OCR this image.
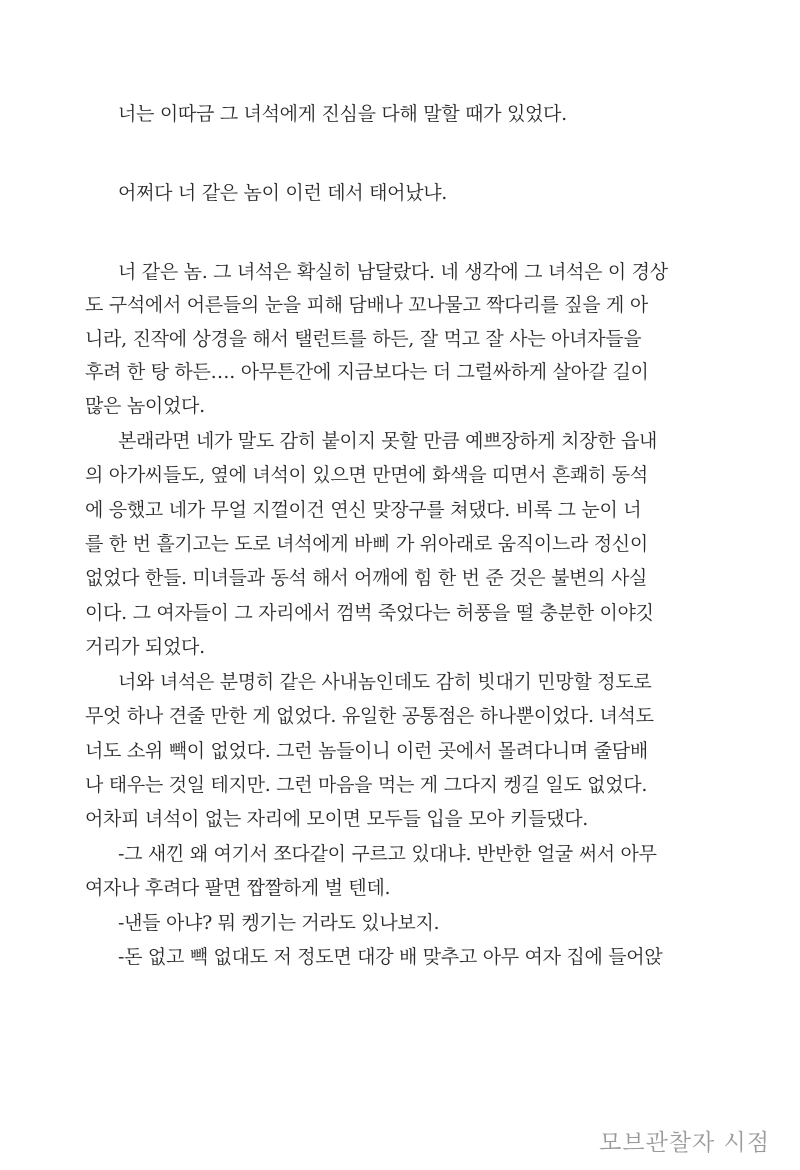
너는 이따금 그 녀석에게 진심을 다해 말할 때가 있었다.
어쩌다 너 같은 놈이 이런 데서 태어났냐.
너 같은 놈. 그 녀석은 확실히 남달랐다. 네 생각에 그 녀석은 이 경상
도 구석에서 어른들의 눈을 피해 담배나 꼬나물고 짝다리를 짚을 게 아
니라, 진작에 상경을 해서 탤런트를 하든, 잘 먹고 잘 사는 아녀자들을
후려 한 탕 하든…. 아무튼간에 지금보다는 더 그럴싸하게 살아갈 길이
많은 놈이었다.
본래라면 네가 말도 감히 붙이지 못할 만큼 예쁘장하게 치장한 읍내
의 아가씨들도, 옆에 녀석이 있으면 만면에 화색을 띠면서 흔쾌히 동석
에 응했고 네가 무얼 지껄이건 연신 맞장구를 쳐댔다. 비록 그 눈이 너
를 한 번 흘기고는 도로 녀석에게 바삐 가 위아래로 움직이느라 정신이
없었다 한들. 미녀들과 동석 해서 어깨에 힘 한 번 준 것은 불변의 사실
이다. 그 여자들이 그 자리에서 껌벅 죽었다는 허풍을 떨 충분한 이야깃
거리가 되었다.
너와 녀석은 분명히 같은 사내놈인데도 감히 빗대기 민망할 정도로
무엇 하나 견줄 만한 게 없었다. 유일한 공통점은 하나뿐이었다. 녀석도
너도 소위 빽이 없었다. 그런 놈들이니 이런 곳에서 몰려다니며 줄담배
나 태우는 것일 테지만. 그런 마음을 먹는 게 그다지 켕길 일도 없었다.
어차피 녀석이 없는 자리에 모이면 모두들 입을 모아 키들댔다.
-그 새낀 왜 여기서 쪼다같이 구르고 있대냐. 반반한 얼굴 써서 아무
여자나 후려다 팔면 짭짤하게 벌 텐데.
-낸들 아냐? 뭐 켕기는 거라도 있나보지.
-돈 없고 빽 없대도 저 정도면 대강 배 맞추고 아무 여자 집에 들어앉
모브관찰자 시점
